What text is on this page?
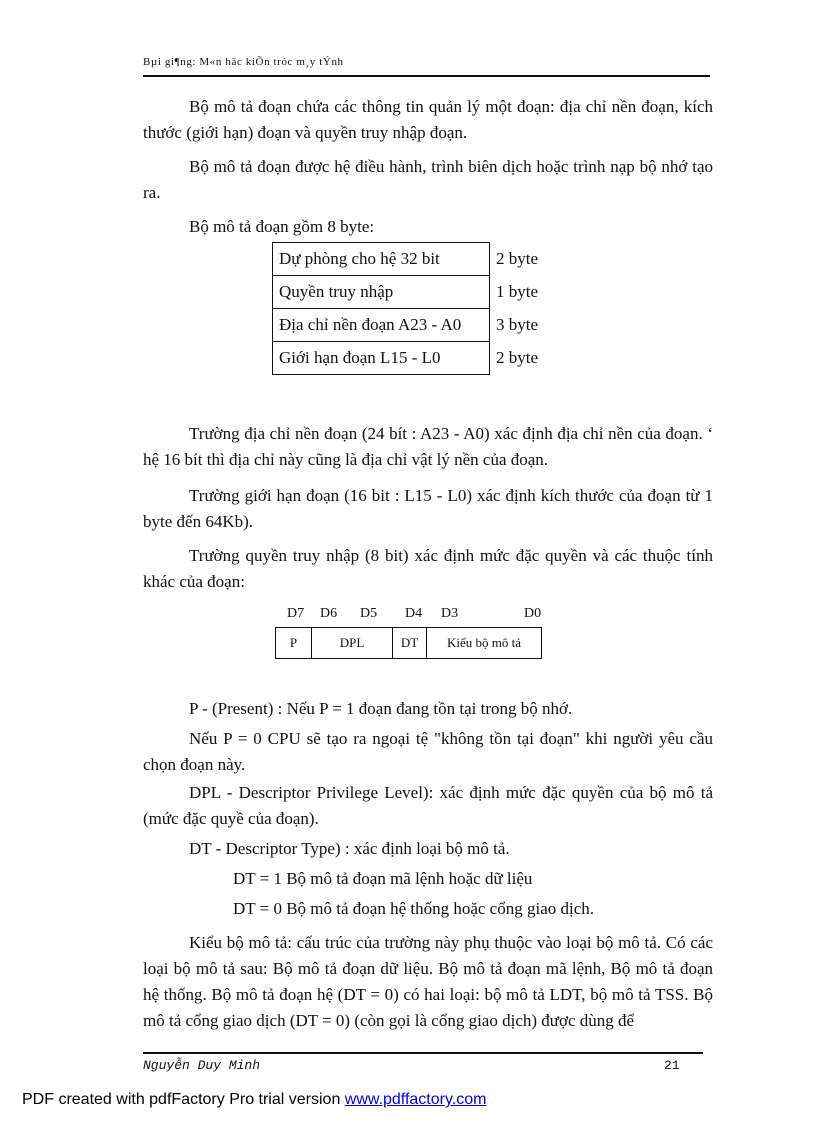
Bµi gi¶ng: M«n häc kiÕn tróc m¸y tÝnh

Bộ mô tả đoạn chứa các thông tin quản lý một đoạn: địa chỉ nền đoạn, kích thước (giới hạn) đoạn và quyền truy nhập đoạn.

Bộ mô tả đoạn được hệ điều hành, trình biên dịch hoặc trình nạp bộ nhớ tạo ra.

Bộ mô tả đoạn gồm 8 byte:

Dự phòng cho hệ 32 bit	2 byte
Quyền truy nhập	1 byte
Địa chỉ nền đoạn A23 - A0	3 byte
Giới hạn đoạn L15 - L0	2 byte

Trường địa chỉ nền đoạn (24 bít : A23 - A0) xác định địa chỉ nền của đoạn. ‘ hệ 16 bít thì địa chỉ này cũng là địa chỉ vật lý nền của đoạn.

Trường giới hạn đoạn (16 bit : L15 - L0) xác định kích thước của đoạn từ 1 byte đến 64Kb).

Trường quyền truy nhập (8 bit) xác định mức đặc quyền và các thuộc tính khác của đoạn:

D7 D6 D5 D4 D3	D0
P	DPL	DT	Kiểu bộ mô tả

P - (Present) : Nếu P = 1 đoạn đang tồn tại trong bộ nhớ.

Nếu P = 0 CPU sẽ tạo ra ngoại tệ "không tồn tại đoạn" khi người yêu cầu chọn đoạn này.

DPL - Descriptor Privilege Level): xác định mức đặc quyền của bộ mô tả (mức đặc quyề của đoạn).

DT - Descriptor Type) : xác định loại bộ mô tả.

DT = 1 Bộ mô tả đoạn mã lệnh hoặc dữ liệu

DT = 0 Bộ mô tả đoạn hệ thống hoặc cổng giao dịch.

Kiểu bộ mô tả: cấu trúc của trường này phụ thuộc vào loại bộ mô tả. Có các loại bộ mô tả sau: Bộ mô tả đoạn dữ liệu. Bộ mô tả đoạn mã lệnh, Bộ mô tả đoạn hệ thống. Bộ mô tả đoạn hệ (DT = 0) có hai loại: bộ mô tả LDT, bộ mô tả TSS. Bộ mô tả cổng giao dịch (DT = 0) (còn gọi là cổng giao dịch) được dùng để

Nguyễn Duy Minh	21
PDF created with pdfFactory Pro trial version www.pdffactory.com
